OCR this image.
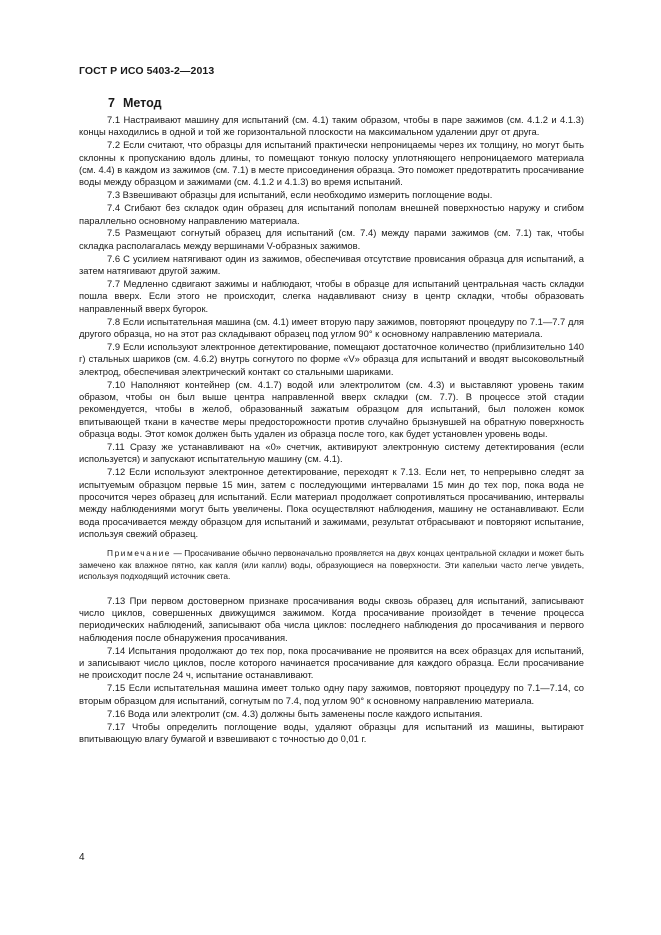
ГОСТ Р ИСО 5403-2—2013
7 Метод

7.1 Настраивают машину для испытаний (см. 4.1) таким образом, чтобы в паре зажимов (см. 4.1.2 и 4.1.3) концы находились в одной и той же горизонтальной плоскости на максимальном удалении друг от друга.

7.2 Если считают, что образцы для испытаний практически непроницаемы через их толщину, но могут быть склонны к пропусканию вдоль длины, то помещают тонкую полоску уплотняющего непроницаемого материала (см. 4.4) в каждом из зажимов (см. 7.1) в месте присоединения образца. Это поможет предотвратить просачивание воды между образцом и зажимами (см. 4.1.2 и 4.1.3) во время испытаний.

7.3 Взвешивают образцы для испытаний, если необходимо измерить поглощение воды.

7.4 Сгибают без складок один образец для испытаний пополам внешней поверхностью наружу и сгибом параллельно основному направлению материала.

7.5 Размещают согнутый образец для испытаний (см. 7.4) между парами зажимов (см. 7.1) так, чтобы складка располагалась между вершинами V-образных зажимов.

7.6 С усилием натягивают один из зажимов, обеспечивая отсутствие провисания образца для испытаний, а затем натягивают другой зажим.

7.7 Медленно сдвигают зажимы и наблюдают, чтобы в образце для испытаний центральная часть складки пошла вверх. Если этого не происходит, слегка надавливают снизу в центр складки, чтобы образовать направленный вверх бугорок.

7.8 Если испытательная машина (см. 4.1) имеет вторую пару зажимов, повторяют процедуру по 7.1—7.7 для другого образца, но на этот раз складывают образец под углом 90° к основному направлению материала.

7.9 Если используют электронное детектирование, помещают достаточное количество (приблизительно 140 г) стальных шариков (см. 4.6.2) внутрь согнутого по форме «V» образца для испытаний и вводят высоковольтный электрод, обеспечивая электрический контакт со стальными шариками.

7.10 Наполняют контейнер (см. 4.1.7) водой или электролитом (см. 4.3) и выставляют уровень таким образом, чтобы он был выше центра направленной вверх складки (см. 7.7). В процессе этой стадии рекомендуется, чтобы в желоб, образованный зажатым образцом для испытаний, был положен комок впитывающей ткани в качестве меры предосторожности против случайно брызнувшей на обратную поверхность образца воды. Этот комок должен быть удален из образца после того, как будет установлен уровень воды.

7.11 Сразу же устанавливают на «0» счетчик, активируют электронную систему детектирования (если используется) и запускают испытательную машину (см. 4.1).

7.12 Если используют электронное детектирование, переходят к 7.13. Если нет, то непрерывно следят за испытуемым образцом первые 15 мин, затем с последующими интервалами 15 мин до тех пор, пока вода не просочится через образец для испытаний. Если материал продолжает сопротивляться просачиванию, интервалы между наблюдениями могут быть увеличены. Пока осуществляют наблюдения, машину не останавливают. Если вода просачивается между образцом для испытаний и зажимами, результат отбрасывают и повторяют испытание, используя свежий образец.

Примечание — Просачивание обычно первоначально проявляется на двух концах центральной складки и может быть замечено как влажное пятно, как капля (или капли) воды, образующиеся на поверхности. Эти капельки часто легче увидеть, используя подходящий источник света.

7.13 При первом достоверном признаке просачивания воды сквозь образец для испытаний, записывают число циклов, совершенных движущимся зажимом. Когда просачивание произойдет в течение процесса периодических наблюдений, записывают оба числа циклов: последнего наблюдения до просачивания и первого наблюдения после обнаружения просачивания.

7.14 Испытания продолжают до тех пор, пока просачивание не проявится на всех образцах для испытаний, и записывают число циклов, после которого начинается просачивание для каждого образца. Если просачивание не происходит после 24 ч, испытание останавливают.

7.15 Если испытательная машина имеет только одну пару зажимов, повторяют процедуру по 7.1—7.14, со вторым образцом для испытаний, согнутым по 7.4, под углом 90° к основному направлению материала.

7.16 Вода или электролит (см. 4.3) должны быть заменены после каждого испытания.

7.17 Чтобы определить поглощение воды, удаляют образцы для испытаний из машины, вытирают впитывающую влагу бумагой и взвешивают с точностью до 0,01 г.

4
